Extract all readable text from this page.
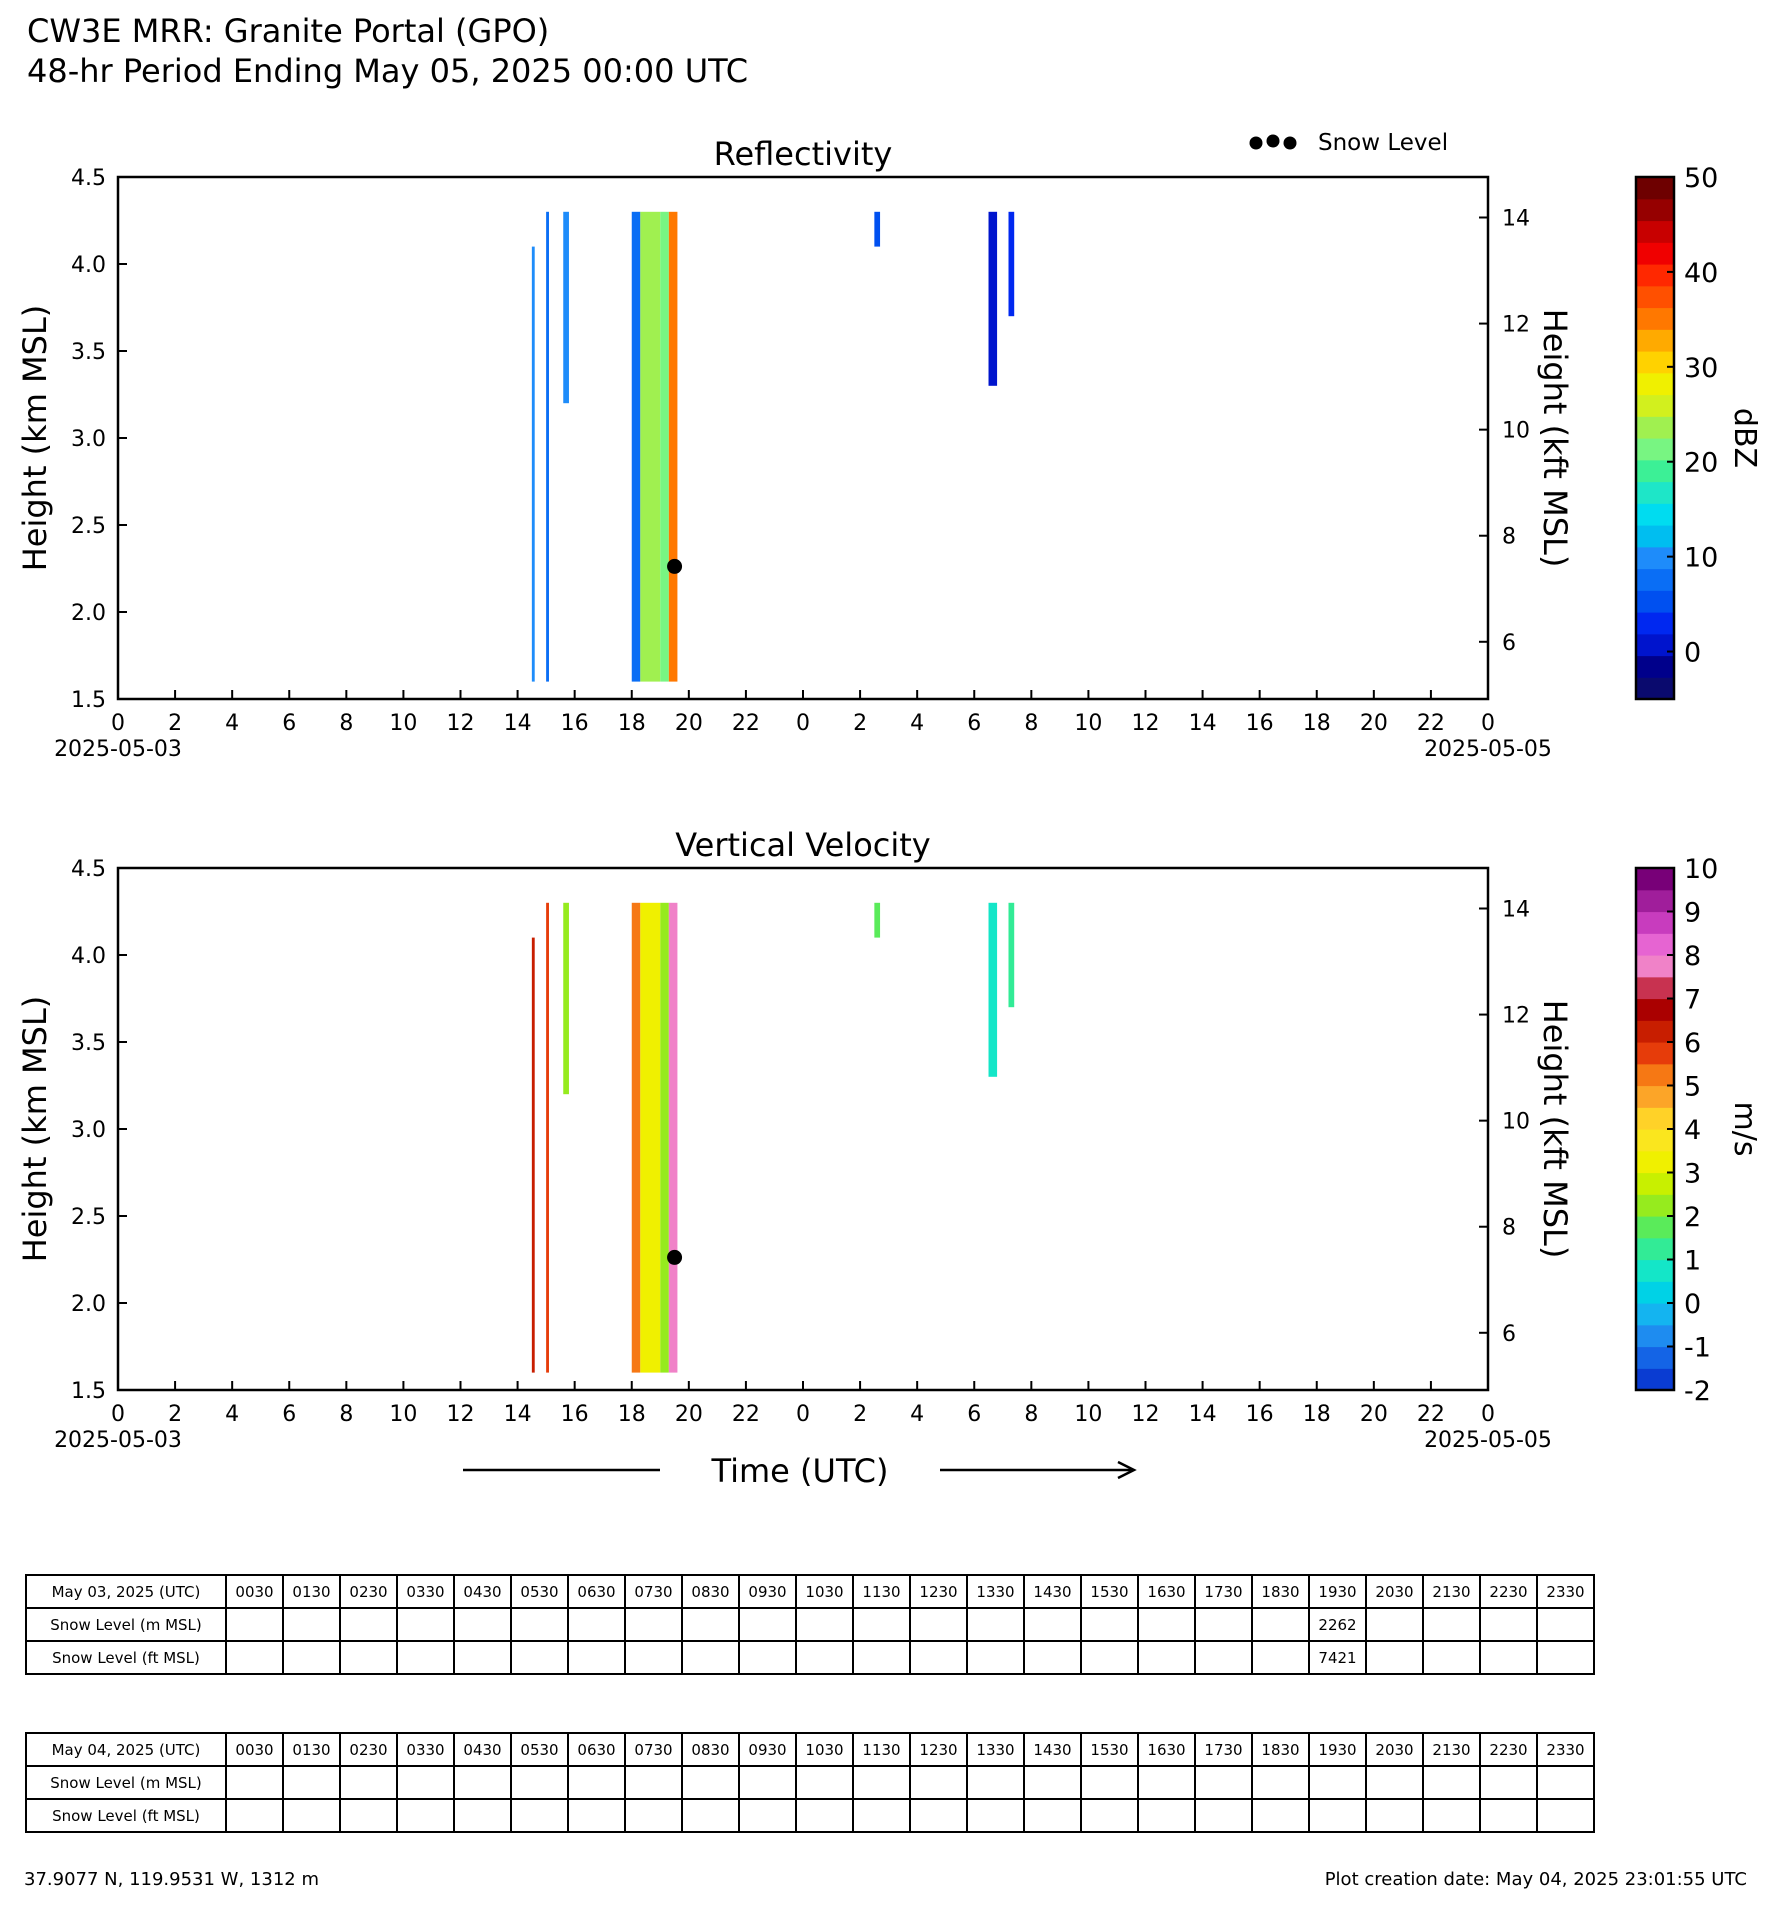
CW3E MRR: Granite Portal (GPO)
48-hr Period Ending May 05, 2025 00:00 UTC
Snow Level
Reflectivity
4.5
4.0
3.5
3.0
2.5
2.0
1.5
14
12
10
8
6
0 2 4 6 8 10 12 14 16 18 20 22 0 2 4 6 8 10 12 14 16 18 20 22 0
2025-05-03	2025-05-05
Height (km MSL)	Height (kft MSL)
50
40
30
20
10
0
dBZ
Vertical Velocity
4.5
4.0
3.5
3.0
2.5
2.0
1.5
14
12
10
8
6
0 2 4 6 8 10 12 14 16 18 20 22 0 2 4 6 8 10 12 14 16 18 20 22 0
2025-05-03	2025-05-05
Height (km MSL)	Height (kft MSL)
10
9
8
7
6
5
4
3
2
1
0
-1
-2
m/s
Time (UTC)
May 03, 2025 (UTC)	0030	0130	0230	0330	0430	0530	0630	0730	0830	0930	1030	1130	1230	1330	1430	1530	1630	1730	1830	1930	2030	2130	2230	2330
Snow Level (m MSL)																				2262				
Snow Level (ft MSL)																				7421				
May 04, 2025 (UTC)	0030	0130	0230	0330	0430	0530	0630	0730	0830	0930	1030	1130	1230	1330	1430	1530	1630	1730	1830	1930	2030	2130	2230	2330
Snow Level (m MSL)																								
Snow Level (ft MSL)																								
37.9077 N, 119.9531 W, 1312 m	Plot creation date: May 04, 2025 23:01:55 UTC
